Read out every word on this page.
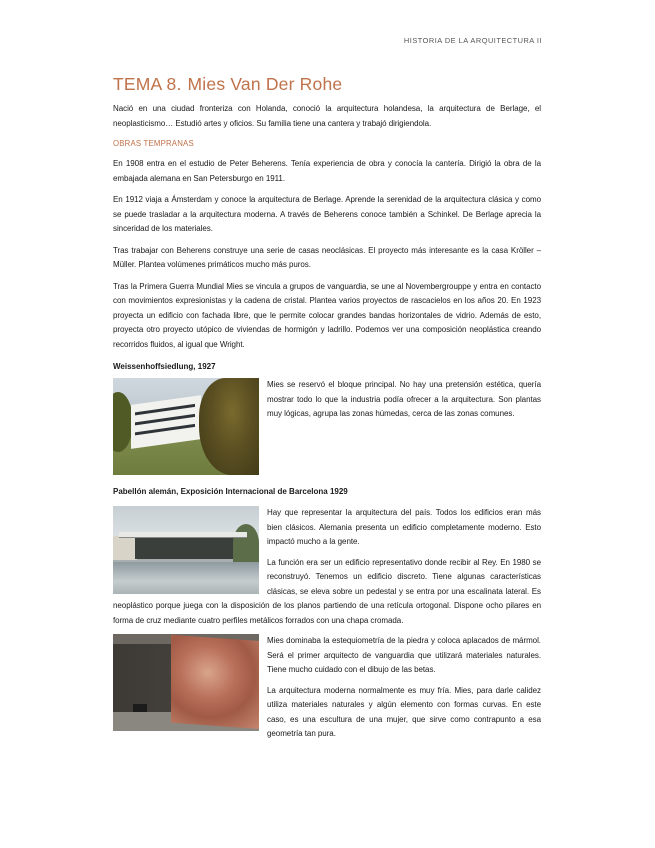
HISTORIA DE LA ARQUITECTURA II
TEMA 8. Mies Van Der Rohe

Nació en una ciudad fronteriza con Holanda, conoció la arquitectura holandesa, la arquitectura de Berlage, el neoplasticismo… Estudió artes y oficios. Su familia tiene una cantera y trabajó dirigiendola.

OBRAS TEMPRANAS

En 1908 entra en el estudio de Peter Beherens. Tenía experiencia de obra y conocía la cantería. Dirigió la obra de la embajada alemana en San Petersburgo en 1911.

En 1912 viaja a Ámsterdam y conoce la arquitectura de Berlage. Aprende la serenidad de la arquitectura clásica y como se puede trasladar a la arquitectura moderna. A través de Beherens conoce también a Schinkel. De Berlage aprecia la sinceridad de los materiales.

Tras trabajar con Beherens construye una serie de casas neoclásicas. El proyecto más interesante es la casa Kröller – Müller. Plantea volúmenes primáticos mucho más puros.

Tras la Primera Guerra Mundial Mies se vincula a grupos de vanguardia, se une al Novembergrouppe y entra en contacto con movimientos expresionistas y la cadena de cristal. Plantea varios proyectos de rascacielos en los años 20. En 1923 proyecta un edificio con fachada libre, que le permite colocar grandes bandas horizontales de vidrio. Además de esto, proyecta otro proyecto utópico de viviendas de hormigón y ladrillo. Podemos ver una composición neoplástica creando recorridos fluidos, al igual que Wright.

Weissenhoffsiedlung, 1927

Mies se reservó el bloque principal. No hay una pretensión estética, quería mostrar todo lo que la industria podía ofrecer a la arquitectura. Son plantas muy lógicas, agrupa las zonas húmedas, cerca de las zonas comunes.

Pabellón alemán, Exposición Internacional de Barcelona 1929

Hay que representar la arquitectura del país. Todos los edificios eran más bien clásicos. Alemania presenta un edificio completamente moderno. Esto impactó mucho a la gente.

La función era ser un edificio representativo donde recibir al Rey. En 1980 se reconstruyó. Tenemos un edificio discreto. Tiene algunas características clásicas, se eleva sobre un pedestal y se entra por una escalinata lateral. Es neoplástico porque juega con la disposición de los planos partiendo de una retícula ortogonal. Dispone ocho pilares en forma de cruz mediante cuatro perfiles metálicos forrados con una chapa cromada.

Mies dominaba la estequiometría de la piedra y coloca aplacados de mármol. Será el primer arquitecto de vanguardia que utilizará materiales naturales. Tiene mucho cuidado con el dibujo de las betas.

La arquitectura moderna normalmente es muy fría. Mies, para darle calidez utiliza materiales naturales y algún elemento con formas curvas. En este caso, es una escultura de una mujer, que sirve como contrapunto a esa geometría tan pura.
